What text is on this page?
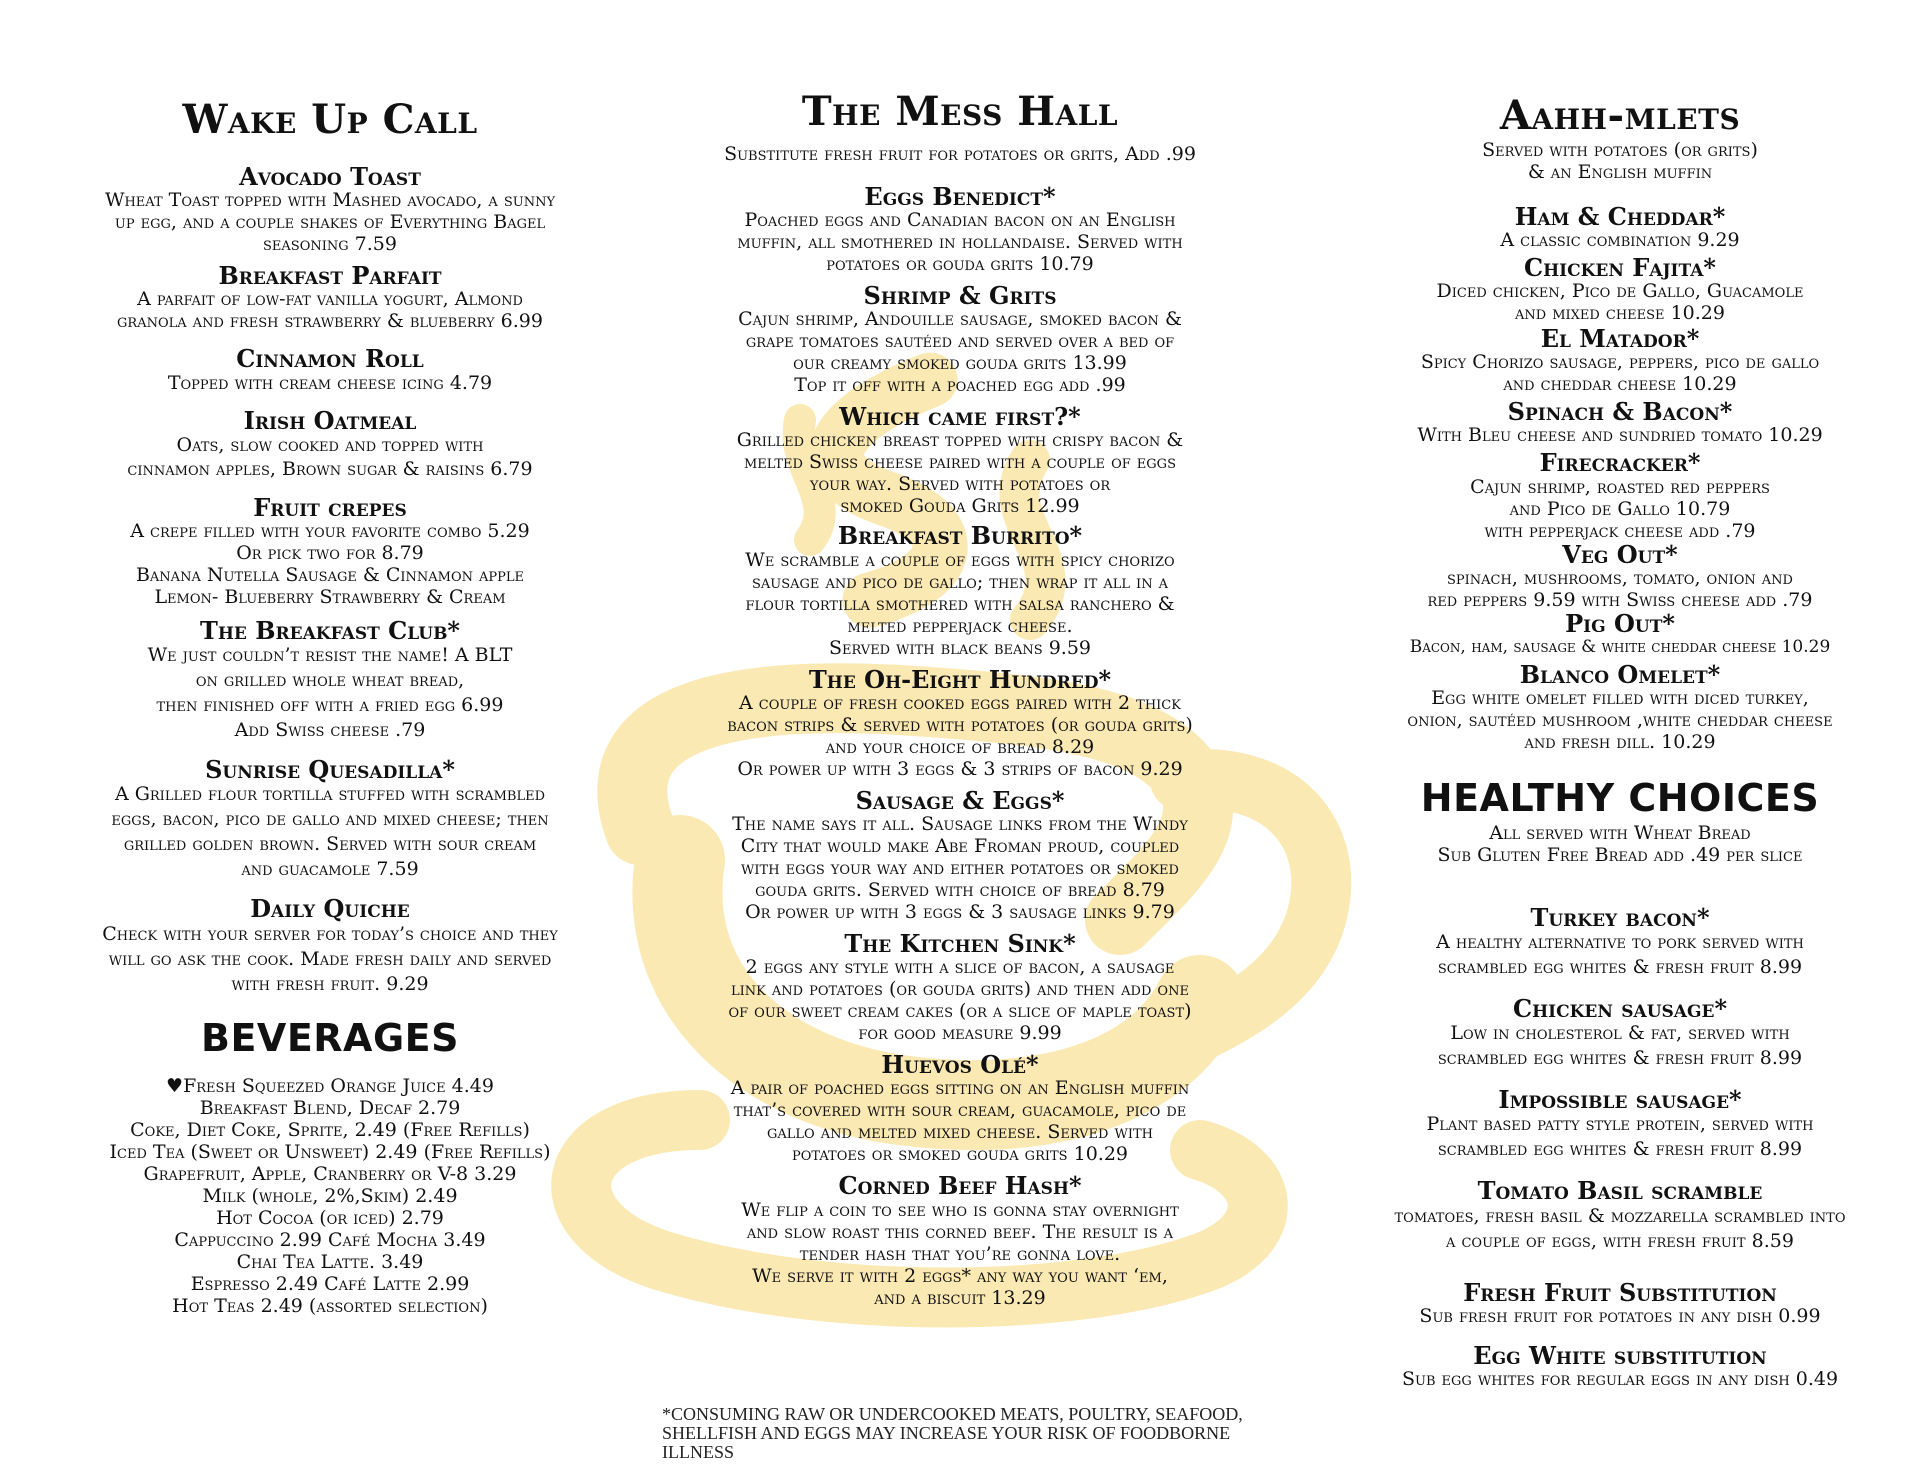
Wake Up Call
Avocado Toast
Wheat Toast topped with Mashed avocado, a sunny
up egg, and a couple shakes of Everything Bagel
seasoning 7.59
Breakfast Parfait
A parfait of low-fat vanilla yogurt, Almond
granola and fresh strawberry & blueberry 6.99
Cinnamon Roll
Topped with cream cheese icing 4.79
Irish Oatmeal
Oats, slow cooked and topped with
cinnamon apples, Brown sugar & raisins 6.79
Fruit crepes
A crepe filled with your favorite combo 5.29
Or pick two for 8.79
Banana Nutella Sausage & Cinnamon apple
Lemon- Blueberry Strawberry & Cream
The Breakfast Club*
We just couldn’t resist the name! A BLT
on grilled whole wheat bread,
then finished off with a fried egg 6.99
Add Swiss cheese .79
Sunrise Quesadilla*
A Grilled flour tortilla stuffed with scrambled
eggs, bacon, pico de gallo and mixed cheese; then
grilled golden brown. Served with sour cream
and guacamole 7.59
Daily Quiche
Check with your server for today’s choice and they
will go ask the cook. Made fresh daily and served
with fresh fruit. 9.29
BEVERAGES
♥Fresh Squeezed Orange Juice 4.49
Breakfast Blend, Decaf 2.79
Coke, Diet Coke, Sprite, 2.49 (Free Refills)
Iced Tea (Sweet or Unsweet) 2.49 (Free Refills)
Grapefruit, Apple, Cranberry or V-8 3.29
Milk (whole, 2%,Skim) 2.49
Hot Cocoa (or iced) 2.79
Cappuccino 2.99 Café Mocha 3.49
Chai Tea Latte. 3.49
Espresso 2.49 Café Latte 2.99
Hot Teas 2.49 (assorted selection)
The Mess Hall
Substitute fresh fruit for potatoes or grits, Add .99
Eggs Benedict*
Poached eggs and Canadian bacon on an English
muffin, all smothered in hollandaise. Served with
potatoes or gouda grits 10.79
Shrimp & Grits
Cajun shrimp, Andouille sausage, smoked bacon &
grape tomatoes sautéed and served over a bed of
our creamy smoked gouda grits 13.99
Top it off with a poached egg add .99
Which came first?*
Grilled chicken breast topped with crispy bacon &
melted Swiss cheese paired with a couple of eggs
your way. Served with potatoes or
smoked Gouda Grits 12.99
Breakfast Burrito*
We scramble a couple of eggs with spicy chorizo
sausage and pico de gallo; then wrap it all in a
flour tortilla smothered with salsa ranchero &
melted pepperjack cheese.
Served with black beans 9.59
The Oh-Eight Hundred*
A couple of fresh cooked eggs paired with 2 thick
bacon strips & served with potatoes (or gouda grits)
and your choice of bread 8.29
Or power up with 3 eggs & 3 strips of bacon 9.29
Sausage & Eggs*
The name says it all. Sausage links from the Windy
City that would make Abe Froman proud, coupled
with eggs your way and either potatoes or smoked
gouda grits. Served with choice of bread 8.79
Or power up with 3 eggs & 3 sausage links 9.79
The Kitchen Sink*
2 eggs any style with a slice of bacon, a sausage
link and potatoes (or gouda grits) and then add one
of our sweet cream cakes (or a slice of maple toast)
for good measure 9.99
Huevos Olé*
A pair of poached eggs sitting on an English muffin
that’s covered with sour cream, guacamole, pico de
gallo and melted mixed cheese. Served with
potatoes or smoked gouda grits 10.29
Corned Beef Hash*
We flip a coin to see who is gonna stay overnight
and slow roast this corned beef. The result is a
tender hash that you’re gonna love.
We serve it with 2 eggs* any way you want ‘em,
and a biscuit 13.29
*CONSUMING RAW OR UNDERCOOKED MEATS, POULTRY, SEAFOOD, SHELLFISH AND EGGS MAY INCREASE YOUR RISK OF FOODBORNE ILLNESS
Aahh-mlets
Served with potatoes (or grits)
& an English muffin
Ham & Cheddar*
A classic combination 9.29
Chicken Fajita*
Diced chicken, Pico de Gallo, Guacamole
and mixed cheese 10.29
El Matador*
Spicy Chorizo sausage, peppers, pico de gallo
and cheddar cheese 10.29
Spinach & Bacon*
With Bleu cheese and sundried tomato 10.29
Firecracker*
Cajun shrimp, roasted red peppers
and Pico de Gallo 10.79
with pepperjack cheese add .79
Veg Out*
spinach, mushrooms, tomato, onion and
red peppers 9.59 with Swiss cheese add .79
Pig Out*
Bacon, ham, sausage & white cheddar cheese 10.29
Blanco Omelet*
Egg white omelet filled with diced turkey,
onion, sautéed mushroom ,white cheddar cheese
and fresh dill. 10.29
HEALTHY CHOICES
All served with Wheat Bread
Sub Gluten Free Bread add .49 per slice
Turkey bacon*
A healthy alternative to pork served with
scrambled egg whites & fresh fruit 8.99
Chicken sausage*
Low in cholesterol & fat, served with
scrambled egg whites & fresh fruit 8.99
Impossible sausage*
Plant based patty style protein, served with
scrambled egg whites & fresh fruit 8.99
Tomato Basil scramble
tomatoes, fresh basil & mozzarella scrambled into
a couple of eggs, with fresh fruit 8.59
Fresh Fruit Substitution
Sub fresh fruit for potatoes in any dish 0.99
Egg White substitution
Sub egg whites for regular eggs in any dish 0.49
